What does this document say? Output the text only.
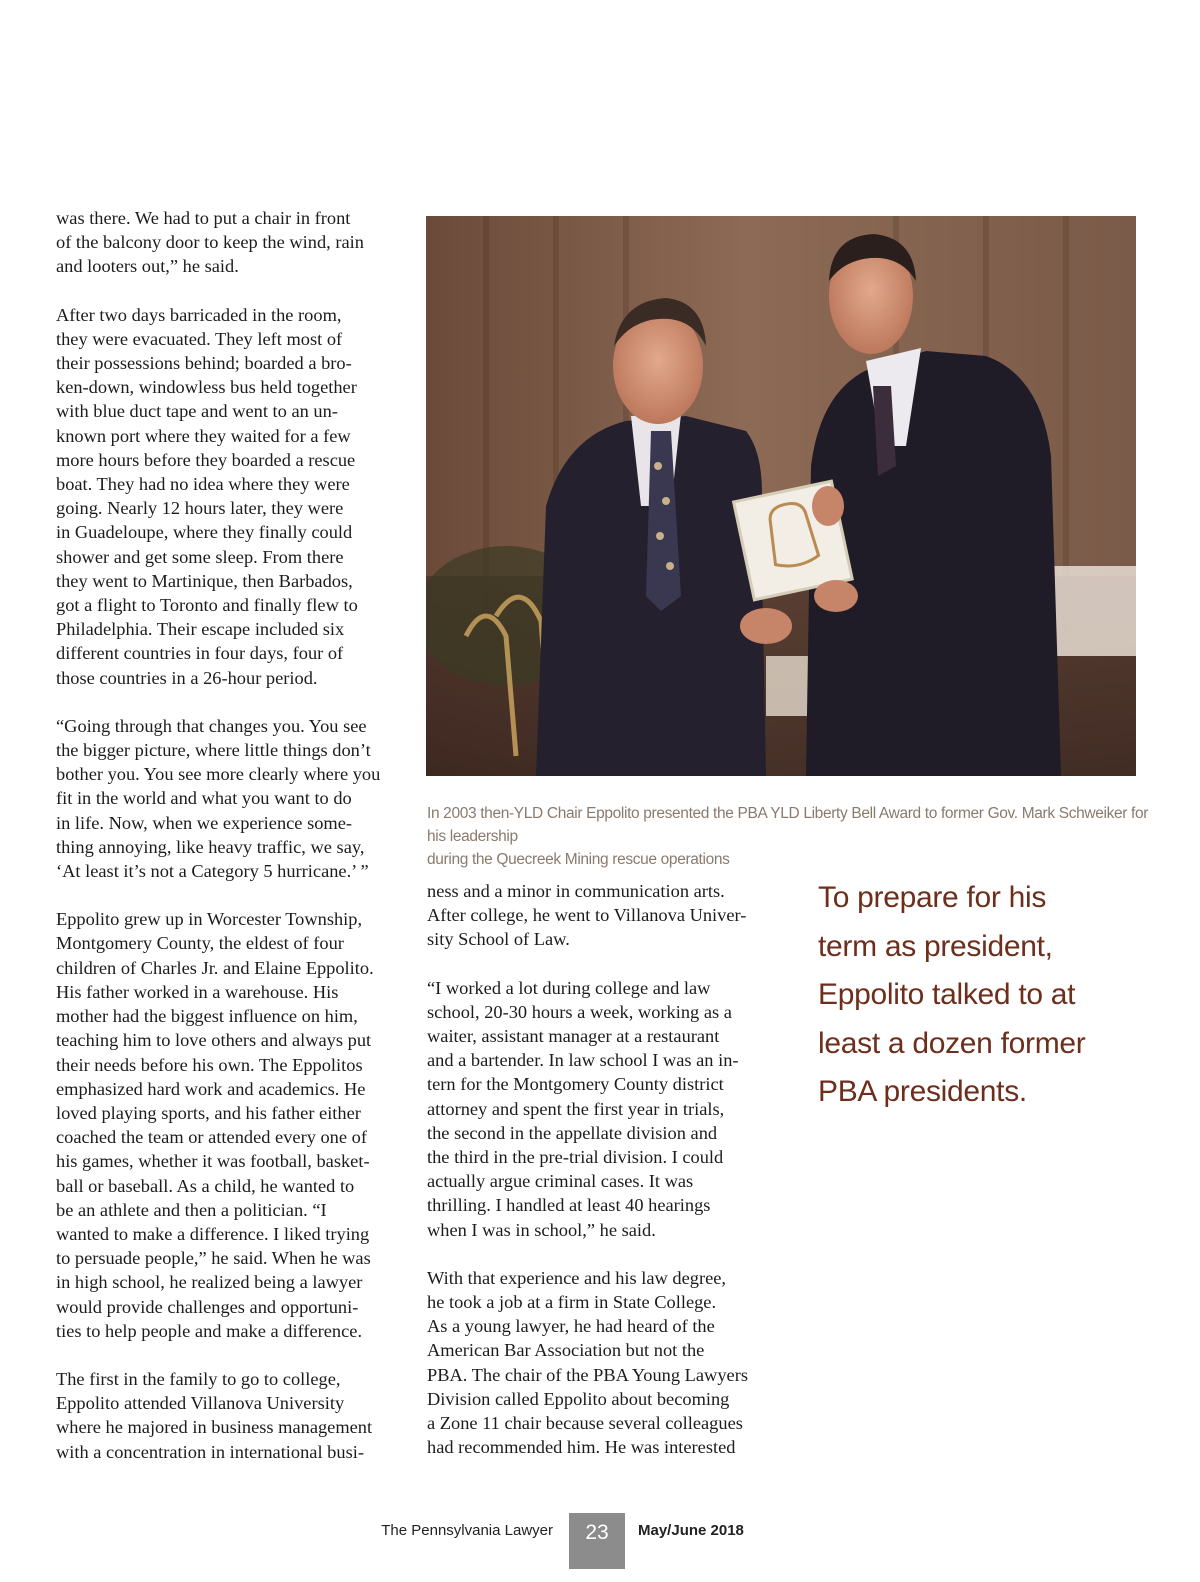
was there. We had to put a chair in front
of the balcony door to keep the wind, rain
and looters out,” he said.

After two days barricaded in the room,
they were evacuated. They left most of
their possessions behind; boarded a bro-
ken-down, windowless bus held together
with blue duct tape and went to an un-
known port where they waited for a few
more hours before they boarded a rescue
boat. They had no idea where they were
going. Nearly 12 hours later, they were
in Guadeloupe, where they finally could
shower and get some sleep. From there
they went to Martinique, then Barbados,
got a flight to Toronto and finally flew to
Philadelphia. Their escape included six
different countries in four days, four of
those countries in a 26-hour period.

“Going through that changes you. You see
the bigger picture, where little things don’t
bother you. You see more clearly where you
fit in the world and what you want to do
in life. Now, when we experience some-
thing annoying, like heavy traffic, we say,
‘At least it’s not a Category 5 hurricane.’ ”

Eppolito grew up in Worcester Township,
Montgomery County, the eldest of four
children of Charles Jr. and Elaine Eppolito.
His father worked in a warehouse. His
mother had the biggest influence on him,
teaching him to love others and always put
their needs before his own. The Eppolitos
emphasized hard work and academics. He
loved playing sports, and his father either
coached the team or attended every one of
his games, whether it was football, basket-
ball or baseball. As a child, he wanted to
be an athlete and then a politician. “I
wanted to make a difference. I liked trying
to persuade people,” he said. When he was
in high school, he realized being a lawyer
would provide challenges and opportuni-
ties to help people and make a difference.

The first in the family to go to college,
Eppolito attended Villanova University
where he majored in business management
with a concentration in international busi-

In 2003 then-YLD Chair Eppolito presented the PBA YLD Liberty Bell Award to former Gov. Mark Schweiker for his leadership
during the Quecreek Mining rescue operations

ness and a minor in communication arts.
After college, he went to Villanova Univer-
sity School of Law.

“I worked a lot during college and law
school, 20-30 hours a week, working as a
waiter, assistant manager at a restaurant
and a bartender. In law school I was an in-
tern for the Montgomery County district
attorney and spent the first year in trials,
the second in the appellate division and
the third in the pre-trial division. I could
actually argue criminal cases. It was
thrilling. I handled at least 40 hearings
when I was in school,” he said.

With that experience and his law degree,
he took a job at a firm in State College.
As a young lawyer, he had heard of the
American Bar Association but not the
PBA. The chair of the PBA Young Lawyers
Division called Eppolito about becoming
a Zone 11 chair because several colleagues
had recommended him. He was interested

To prepare for his
term as president,
Eppolito talked to at
least a dozen former
PBA presidents.
The Pennsylvania Lawyer	23	May/June 2018
